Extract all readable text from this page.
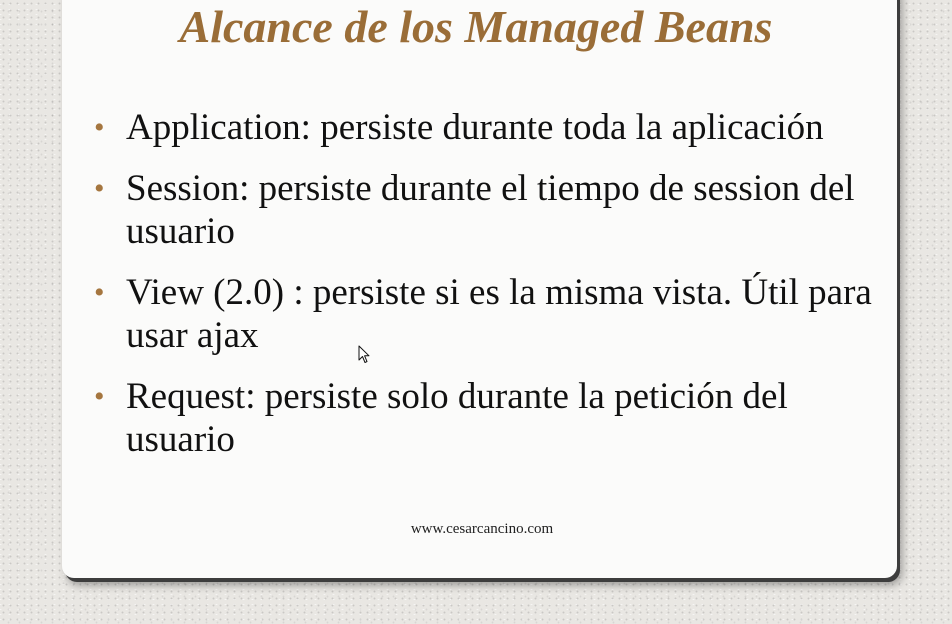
Alcance de los Managed Beans
• Application: persiste durante toda la aplicación
• Session: persiste durante el tiempo de session del usuario
• View (2.0) : persiste si es la misma vista. Útil para usar ajax
• Request: persiste solo durante la petición del usuario
www.cesarcancino.com
